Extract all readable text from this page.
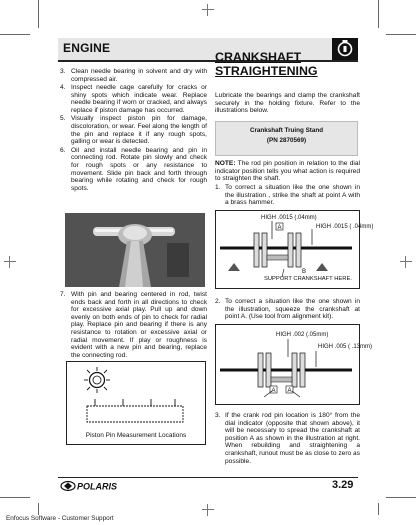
ENGINE
3. Clean needle bearing in solvent and dry with compressed air.
4. Inspect needle cage carefully for cracks or shiny spots which indicate wear. Replace needle bearing if worn or cracked, and always replace if piston damage has occurred.
5. Visually inspect piston pin for damage, discoloration, or wear. Feel along the length of the pin and replace it if any rough spots, galling or wear is detected.
6. Oil and install needle bearing and pin in connecting rod. Rotate pin slowly and check for rough spots or any resistance to movement. Slide pin back and forth through bearing while rotating and check for rough spots.
7. With pin and bearing centered in rod, twist ends back and forth in all directions to check for excessive axial play. Pull up and down evenly on both ends of pin to check for radial play. Replace pin and bearing if there is any resistance to rotation or excessive axial or radial movement. If play or roughness is evident with a new pin and bearing, replace the connecting rod.
Piston Pin Measurement Locations
CRANKSHAFT
STRAIGHTENING
Lubricate the bearings and clamp the crankshaft securely in the holding fixture. Refer to the illustrations below.
Crankshaft Truing Stand
(PN 2870569)
NOTE: The rod pin position in relation to the dial indicator position tells you what action is required to straighten the shaft.
1. To correct a situation like the one shown in the illustration , strike the shaft at point A with a brass hammer.
HIGH .0015 (.04mm)
A	HIGH .0015 ( .04mm)
B
SUPPORT CRANKSHAFT HERE.
2. To correct a situation like the one shown in the illustration, squeeze the crankshaft at point A. (Use tool from alignment kit).
HIGH .002 (.05mm)
HIGH .005 ( .13mm)
A A
3. If the crank rod pin location is 180° from the dial indicator (opposite that shown above), it will be necessary to spread the crankshaft at position A as shown in the illustration at right. When rebuilding and straightening a crankshaft, runout must be as close to zero as possible.
POLARIS	3.29
Enfocus Software - Customer Support
